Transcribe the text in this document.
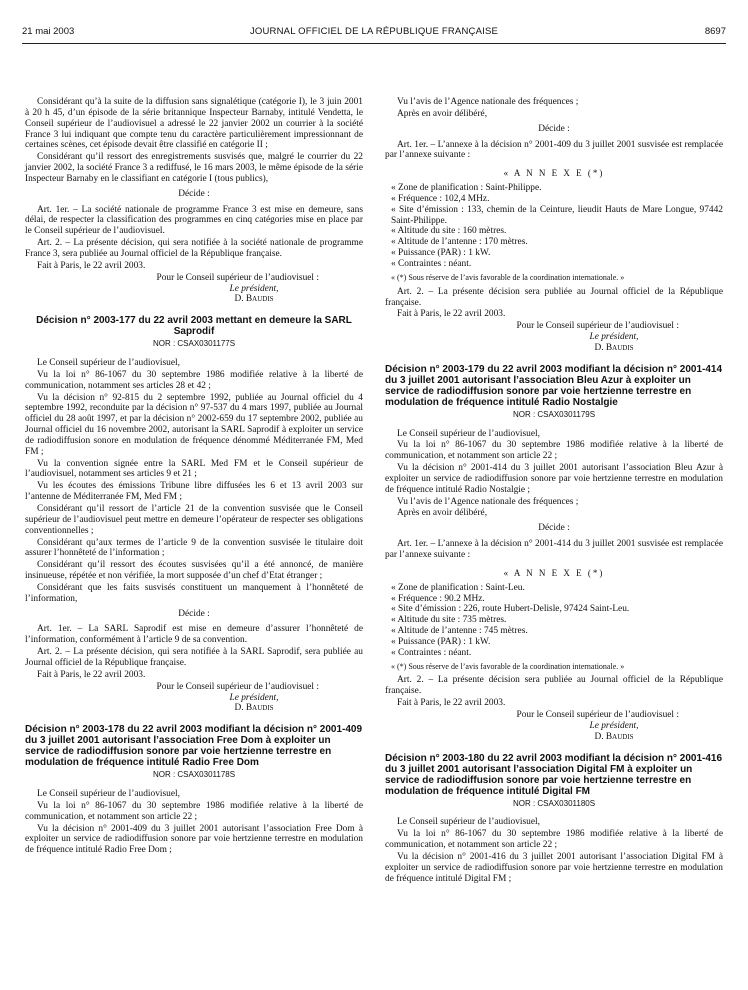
21 mai 2003	JOURNAL OFFICIEL DE LA RÉPUBLIQUE FRANÇAISE	8697

Considérant qu’à la suite de la diffusion sans signalétique (catégorie I), le 3 juin 2001 à 20 h 45, d’un épisode de la série britannique Inspecteur Barnaby, intitulé Vendetta, le Conseil supérieur de l’audiovisuel a adressé le 22 janvier 2002 un courrier à la société France 3 lui indiquant que compte tenu du caractère particulièrement impressionnant de certaines scènes, cet épisode devait être classifié en catégorie II ;

Considérant qu’il ressort des enregistrements susvisés que, malgré le courrier du 22 janvier 2002, la société France 3 a rediffusé, le 16 mars 2003, le même épisode de la série Inspecteur Barnaby en le classifiant en catégorie I (tous publics),

Décide :

Art. 1er. – La société nationale de programme France 3 est mise en demeure, sans délai, de respecter la classification des programmes en cinq catégories mise en place par le Conseil supérieur de l’audiovisuel.

Art. 2. – La présente décision, qui sera notifiée à la société nationale de programme France 3, sera publiée au Journal officiel de la République française.

Fait à Paris, le 22 avril 2003.

Pour le Conseil supérieur de l’audiovisuel :

Le président,

D. Baudis

Décision n° 2003-177 du 22 avril 2003 mettant en demeure la SARL Saprodif

NOR : CSAX0301177S

Le Conseil supérieur de l’audiovisuel,

Vu la loi n° 86-1067 du 30 septembre 1986 modifiée relative à la liberté de communication, notamment ses articles 28 et 42 ;

Vu la décision n° 92-815 du 2 septembre 1992, publiée au Journal officiel du 4 septembre 1992, reconduite par la décision n° 97-537 du 4 mars 1997, publiée au Journal officiel du 28 août 1997, et par la décision n° 2002-659 du 17 septembre 2002, publiée au Journal officiel du 16 novembre 2002, autorisant la SARL Saprodif à exploiter un service de radiodiffusion sonore en modulation de fréquence dénommé Méditerranée FM, Med FM ;

Vu la convention signée entre la SARL Med FM et le Conseil supérieur de l’audiovisuel, notamment ses articles 9 et 21 ;

Vu les écoutes des émissions Tribune libre diffusées les 6 et 13 avril 2003 sur l’antenne de Méditerranée FM, Med FM ;

Considérant qu’il ressort de l’article 21 de la convention susvisée que le Conseil supérieur de l’audiovisuel peut mettre en demeure l’opérateur de respecter ses obligations conventionnelles ;

Considérant qu’aux termes de l’article 9 de la convention susvisée le titulaire doit assurer l’honnêteté de l’information ;

Considérant qu’il ressort des écoutes susvisées qu’il a été annoncé, de manière insinueuse, répétée et non vérifiée, la mort supposée d’un chef d’Etat étranger ;

Considérant que les faits susvisés constituent un manquement à l’honnêteté de l’information,

Décide :

Art. 1er. – La SARL Saprodif est mise en demeure d’assurer l’honnêteté de l’information, conformément à l’article 9 de sa convention.

Art. 2. – La présente décision, qui sera notifiée à la SARL Saprodif, sera publiée au Journal officiel de la République française.

Fait à Paris, le 22 avril 2003.

Pour le Conseil supérieur de l’audiovisuel :

Le président,

D. Baudis

Décision n° 2003-178 du 22 avril 2003 modifiant la décision n° 2001-409 du 3 juillet 2001 autorisant l’association Free Dom à exploiter un service de radiodiffusion sonore par voie hertzienne terrestre en modulation de fréquence intitulé Radio Free Dom

NOR : CSAX0301178S

Le Conseil supérieur de l’audiovisuel,

Vu la loi n° 86-1067 du 30 septembre 1986 modifiée relative à la liberté de communication, et notamment son article 22 ;

Vu la décision n° 2001-409 du 3 juillet 2001 autorisant l’association Free Dom à exploiter un service de radiodiffusion sonore par voie hertzienne terrestre en modulation de fréquence intitulé Radio Free Dom ;

Vu l’avis de l’Agence nationale des fréquences ;

Après en avoir délibéré,

Décide :

Art. 1er. – L’annexe à la décision n° 2001-409 du 3 juillet 2001 susvisée est remplacée par l’annexe suivante :

« A N N E X E (*)

« Zone de planification : Saint-Philippe.

« Fréquence : 102,4 MHz.

« Site d’émission : 133, chemin de la Ceinture, lieudit Hauts de Mare Longue, 97442 Saint-Philippe.

« Altitude du site : 160 mètres.

« Altitude de l’antenne : 170 mètres.

« Puissance (PAR) : 1 kW.

« Contraintes : néant.

« (*) Sous réserve de l’avis favorable de la coordination internationale. »

Art. 2. – La présente décision sera publiée au Journal officiel de la République française.

Fait à Paris, le 22 avril 2003.

Pour le Conseil supérieur de l’audiovisuel :

Le président,

D. Baudis

Décision n° 2003-179 du 22 avril 2003 modifiant la décision n° 2001-414 du 3 juillet 2001 autorisant l’association Bleu Azur à exploiter un service de radiodiffusion sonore par voie hertzienne terrestre en modulation de fréquence intitulé Radio Nostalgie

NOR : CSAX0301179S

Le Conseil supérieur de l’audiovisuel,

Vu la loi n° 86-1067 du 30 septembre 1986 modifiée relative à la liberté de communication, et notamment son article 22 ;

Vu la décision n° 2001-414 du 3 juillet 2001 autorisant l’association Bleu Azur à exploiter un service de radiodiffusion sonore par voie hertzienne terrestre en modulation de fréquence intitulé Radio Nostalgie ;

Vu l’avis de l’Agence nationale des fréquences ;

Après en avoir délibéré,

Décide :

Art. 1er. – L’annexe à la décision n° 2001-414 du 3 juillet 2001 susvisée est remplacée par l’annexe suivante :

« A N N E X E (*)

« Zone de planification : Saint-Leu.

« Fréquence : 90.2 MHz.

« Site d’émission : 226, route Hubert-Delisle, 97424 Saint-Leu.

« Altitude du site : 735 mètres.

« Altitude de l’antenne : 745 mètres.

« Puissance (PAR) : 1 kW.

« Contraintes : néant.

« (*) Sous réserve de l’avis favorable de la coordination internationale. »

Art. 2. – La présente décision sera publiée au Journal officiel de la République française.

Fait à Paris, le 22 avril 2003.

Pour le Conseil supérieur de l’audiovisuel :

Le président,

D. Baudis

Décision n° 2003-180 du 22 avril 2003 modifiant la décision n° 2001-416 du 3 juillet 2001 autorisant l’association Digital FM à exploiter un service de radiodiffusion sonore par voie hertzienne terrestre en modulation de fréquence intitulé Digital FM

NOR : CSAX0301180S

Le Conseil supérieur de l’audiovisuel,

Vu la loi n° 86-1067 du 30 septembre 1986 modifiée relative à la liberté de communication, et notamment son article 22 ;

Vu la décision n° 2001-416 du 3 juillet 2001 autorisant l’association Digital FM à exploiter un service de radiodiffusion sonore par voie hertzienne terrestre en modulation de fréquence intitulé Digital FM ;
